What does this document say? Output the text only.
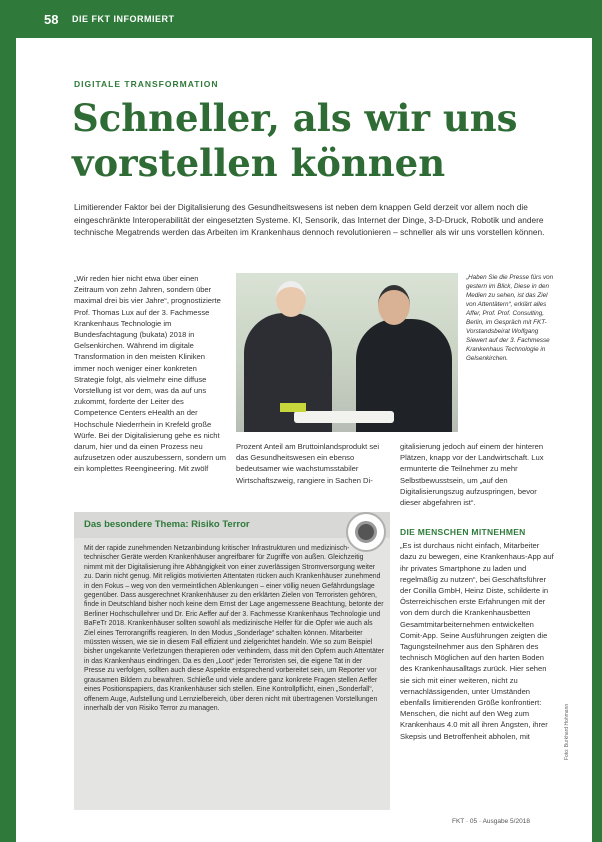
58 DIE FKT INFORMIERT
DIGITALE TRANSFORMATION
Schneller, als wir uns vorstellen können

Limitierender Faktor bei der Digitalisierung des Gesundheitswesens ist neben dem knappen Geld derzeit vor allem noch die eingeschränkte Interoperabilität der eingesetzten Systeme. KI, Sensorik, das Internet der Dinge, 3-D-Druck, Robotik und andere technische Megatrends werden das Arbeiten im Krankenhaus dennoch revolutionieren – schneller als wir uns vorstellen können.

„Wir reden hier nicht etwa über einen Zeitraum von zehn Jahren, sondern über maximal drei bis vier Jahre“, prognostizierte Prof. Thomas Lux auf der 3. Fachmesse Krankenhaus Technologie im Bundesfachtagung (bukata) 2018 in Gelsenkirchen. Während im digitale Transformation in den meisten Kliniken immer noch weniger einer konkreten Strategie folgt, als vielmehr eine diffuse Vorstellung ist vor dem, was da auf uns zukommt, forderte der Leiter des Competence Centers eHealth an der Hochschule Niederrhein in Krefeld große Würfe. Bei der Digitalisierung gehe es nicht darum, hier und da einen Prozess neu aufzusetzen oder auszubessern, sondern um ein komplettes Reengineering. Mit zwölf

„Haben Sie die Presse fürs von gestern im Blick, Diese in den Medien zu sehen, ist das Ziel von Attentätern“, erklärt alles Affer, Prof. Prof. Consulting, Berlin, im Gespräch mit FKT-Vorstandsbeirat Wolfgang Siewert auf der 3. Fachmesse Krankenhaus Technologie in Gelsenkirchen.

Prozent Anteil am Bruttoinlandsprodukt sei das Gesundheitswesen ein ebenso bedeutsamer wie wachstumsstabiler Wirtschaftszweig, rangiere in Sachen Di-

gitalisierung jedoch auf einem der hinteren Plätzen, knapp vor der Landwirtschaft. Lux ermunterte die Teilnehmer zu mehr Selbstbewusstsein, um „auf den Digitalisierungszug aufzuspringen, bevor dieser abgefahren ist“.

Das besondere Thema: Risiko Terror

Mit der rapide zunehmenden Netzanbindung kritischer Infrastrukturen und medizinisch-technischer Geräte werden Krankenhäuser angreifbarer für Zugriffe von außen. Gleichzeitig nimmt mit der Digitalisierung ihre Abhängigkeit von einer zuverlässigen Stromversorgung weiter zu. Darin nicht genug. Mit religiös motivierten Attentaten rücken auch Krankenhäuser zunehmend in den Fokus – weg von den vermeintlichen Ablenkungen – einer völlig neuen Gefährdungslage gegenüber. Dass ausgerechnet Krankenhäuser zu den erklärten Zielen von Terroristen gehören, finde in Deutschland bisher noch keine dem Ernst der Lage angemessene Beachtung, betonte der Berliner Hochschullehrer und Dr. Eric Aeffer auf der 3. Fachmesse Krankenhaus Technologie und BaFeTr 2018. Krankenhäuser sollten sowohl als medizinische Helfer für die Opfer wie auch als Ziel eines Terrorangriffs reagieren. In den Modus „Sonderlage“ schalten können. Mitarbeiter müssten wissen, wie sie in diesem Fall effizient und zielgerichtet handeln. Wie so zum Beispiel bisher ungekannte Verletzungen therapieren oder verhindern, dass mit den Opfern auch Attentäter in das Krankenhaus eindringen. Da es den „Loot“ jeder Terroristen sei, die eigene Tat in der Presse zu verfolgen, sollten auch diese Aspekte entsprechend vorbereitet sein, um Reporter vor grausamen Bildern zu bewahren. Schließe und viele andere ganz konkrete Fragen stellen Aeffer eines Positionspapiers, das Krankenhäuser sich stellen. Eine Kontrollpflicht, einen „Sonderfall“, offenem Auge, Aufstellung und Lernzielbereich, über deren nicht mit übertragenen Vorstellungen innerhalb der von Risiko Terror zu managen.

DIE MENSCHEN MITNEHMEN

„Es ist durchaus nicht einfach, Mitarbeiter dazu zu bewegen, eine Krankenhaus-App auf ihr privates Smartphone zu laden und regelmäßig zu nutzen“, bei Geschäftsführer der Conilla GmbH, Heinz Diste, schilderte in Österreichischen erste Erfahrungen mit der von dem durch die Krankenhausbetten Gesamtmitarbeiternehmen entwickelten Comit-App. Seine Ausführungen zeigten die Tagungsteilnehmer aus den Sphären des technisch Möglichen auf den harten Boden des Krankenhausalltags zurück. Hier sehen sie sich mit einer weiteren, nicht zu vernachlässigenden, unter Umständen ebenfalls limitierenden Größe konfrontiert: Menschen, die nicht auf den Weg zum Krankenhaus 4.0 mit all ihren Ängsten, ihrer Skepsis und Betroffenheit abholen, mit	Foto: Burkhard Hohmann
FKT · 05 · Ausgabe 5/2018
